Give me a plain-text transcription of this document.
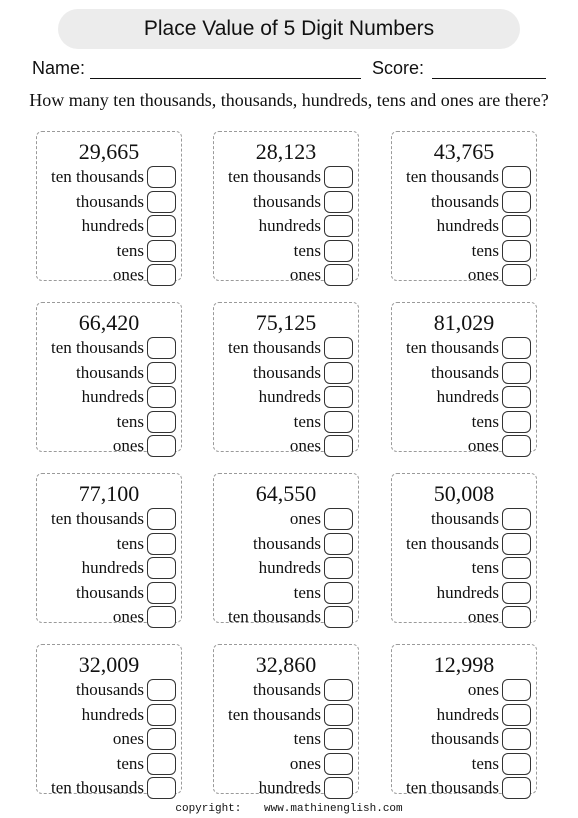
Place Value of 5 Digit Numbers
Name:	Score:
How many ten thousands, thousands, hundreds, tens and ones are there?
29,665
ten thousands
thousands
hundreds
tens
ones
28,123
ten thousands
thousands
hundreds
tens
ones
43,765
ten thousands
thousands
hundreds
tens
ones
66,420
ten thousands
thousands
hundreds
tens
ones
75,125
ten thousands
thousands
hundreds
tens
ones
81,029
ten thousands
thousands
hundreds
tens
ones
77,100
ten thousands
tens
hundreds
thousands
ones
64,550
ones
thousands
hundreds
tens
ten thousands
50,008
thousands
ten thousands
tens
hundreds
ones
32,009
thousands
hundreds
ones
tens
ten thousands
32,860
thousands
ten thousands
tens
ones
hundreds
12,998
ones
hundreds
thousands
tens
ten thousands
copyright: www.mathinenglish.com
